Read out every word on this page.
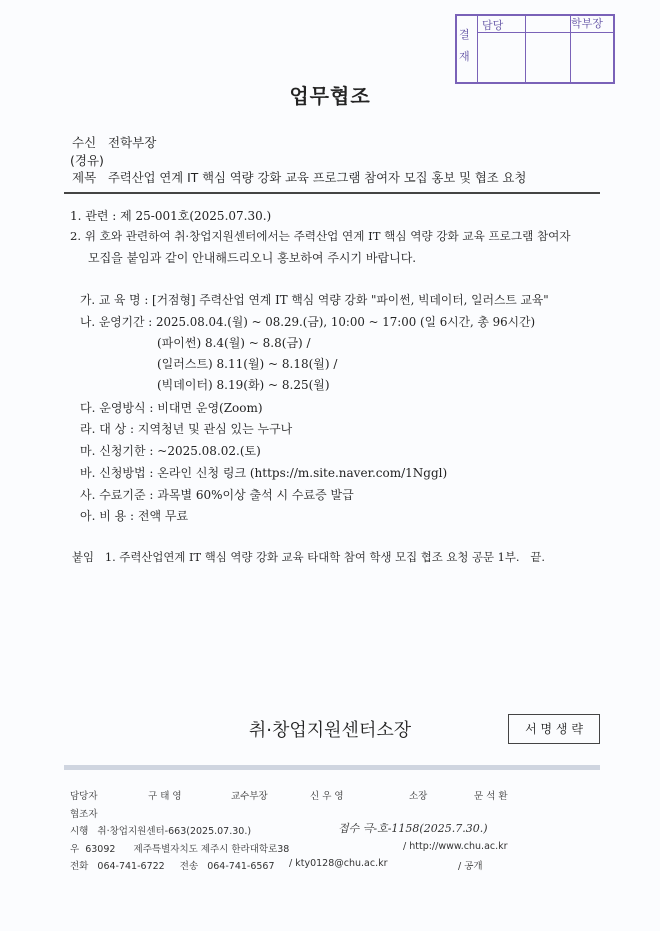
결재
담당	학부장
업무협조
수신 전학부장
(경유)
제목 주력산업 연계 IT 핵심 역량 강화 교육 프로그램 참여자 모집 홍보 및 협조 요청
1. 관련 : 제 25-001호(2025.07.30.)
2. 위 호와 관련하여 취·창업지원센터에서는 주력산업 연계 IT 핵심 역량 강화 교육 프로그램 참여자
모집을 붙임과 같이 안내해드리오니 홍보하여 주시기 바랍니다.
가. 교 육 명 : [거점형] 주력산업 연계 IT 핵심 역량 강화 "파이썬, 빅데이터, 일러스트 교육"
나. 운영기간 : 2025.08.04.(월) ~ 08.29.(금), 10:00 ~ 17:00 (일 6시간, 총 96시간)
(파이썬) 8.4(월) ~ 8.8(금) /
(일러스트) 8.11(월) ~ 8.18(월) /
(빅데이터) 8.19(화) ~ 8.25(월)
다. 운영방식 : 비대면 운영(Zoom)
라. 대 상 : 지역청년 및 관심 있는 누구나
마. 신청기한 : ~2025.08.02.(토)
바. 신청방법 : 온라인 신청 링크 (https://m.site.naver.com/1Nggl)
사. 수료기준 : 과목별 60%이상 출석 시 수료증 발급
아. 비 용 : 전액 무료
붙임   1. 주력산업연계 IT 핵심 역량 강화 교육 타대학 참여 학생 모집 협조 요청 공문 1부.   끝.
취·창업지원센터소장	서 명 생 략
담당자	구 태 영	교수부장	신 우 영	소장	문 석 환
협조자
시행   취·창업지원센터-663(2025.07.30.)	접수 극-호-1158(2025.7.30.)
우  63092      제주특별자치도 제주시 한라대학로38	/ http://www.chu.ac.kr
전화   064-741-6722     전송   064-741-6567 / kty0128@chu.ac.kr	/ 공개
